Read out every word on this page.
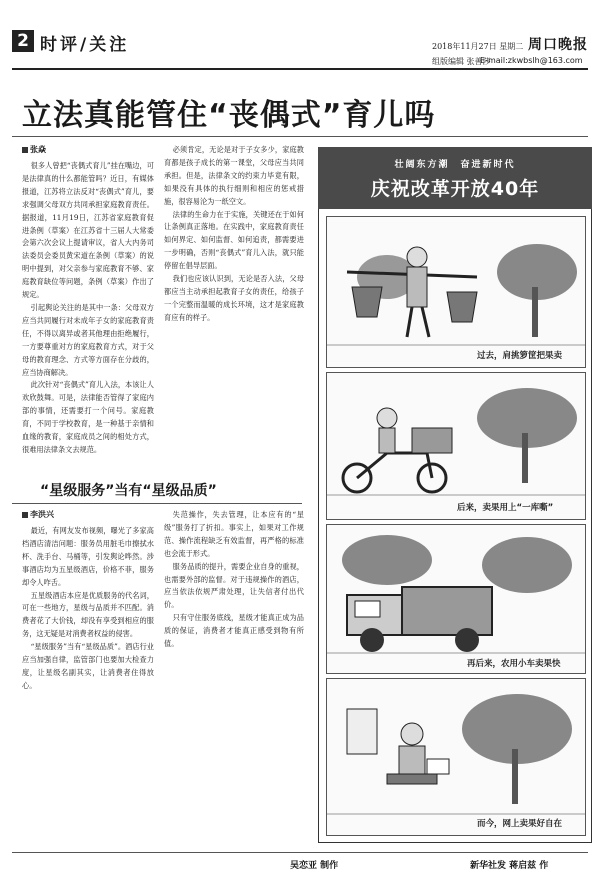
2 时评/关注	2018年11月27日 星期二 周口晚报
组版编辑 张善莎
E-mail:zkwbslh@163.com
立法真能管住“丧偶式”育儿吗
张焱

很多人曾把“丧偶式育儿”挂在嘴边，可是法律真的什么都能管吗？近日，有媒体报道，江苏将立法反对“丧偶式”育儿，要求强调父母双方共同承担家庭教育责任。据报道，11月19日，江苏省家庭教育促进条例（草案）在江苏省十三届人大常委会第六次会议上提请审议，省人大内务司法委员会委员黄宋道在条例（草案）的说明中提到，对父亲参与家庭教育不够、家庭教育缺位等问题，条例（草案）作出了规定。

引起舆论关注的是其中一条：父母双方应当共同履行对未成年子女的家庭教育责任，不得以离异或者其他理由拒绝履行，一方要尊重对方的家庭教育方式，对于父母的教育理念、方式等方面存在分歧的，应当协商解决。

此次针对“丧偶式”育儿入法，本该让人欢欣鼓舞。可是，法律能否管得了家庭内部的事情，还需要打一个问号。家庭教育，不同于学校教育，是一种基于亲情和血缘的教育，家庭成员之间的相处方式，很难用法律条文去规范。

必须肯定，无论是对于子女多少，家庭教育都是孩子成长的第一课堂，父母应当共同承担。但是，法律条文的约束力毕竟有限，如果没有具体的执行细则和相应的惩戒措施，很容易沦为一纸空文。

法律的生命力在于实施，关键还在于如何让条例真正落地。在实践中，家庭教育责任如何界定、如何监督、如何追责，都需要进一步明确，否则“丧偶式”育儿入法，就只能停留在倡导层面。

我们也应该认识到，无论是否入法，父母都应当主动承担起教育子女的责任，给孩子一个完整而温暖的成长环境，这才是家庭教育应有的样子。

“星级服务”当有“星级品质”
李洪兴

最近，有网友发布视频，曝光了多家高档酒店清洁问题：服务员用脏毛巾擦拭水杯、洗手台、马桶等，引发舆论哗然。涉事酒店均为五星级酒店，价格不菲，服务却令人咋舌。

五星级酒店本应是优质服务的代名词，可在一些地方，星级与品质并不匹配。消费者花了大价钱，却没有享受到相应的服务，这无疑是对消费者权益的侵害。

“星级服务”当有“星级品质”。酒店行业应当加强自律，监管部门也要加大检查力度，让星级名副其实，让消费者住得放心。

失范操作，失去管理，让本应有的“星级”服务打了折扣。事实上，如果对工作规范、操作流程缺乏有效监督，再严格的标准也会流于形式。

服务品质的提升，需要企业自身的重视，也需要外部的监督。对于违规操作的酒店，应当依法依规严肃处理，让失信者付出代价。

只有守住服务底线，星级才能真正成为品质的保证，消费者才能真正感受到物有所值。

壮阔东方潮　奋进新时代
庆祝改革开放40年
过去，肩挑箩筐把果卖
后来，卖果用上“一库嘶”
再后来，农用小车卖果快
而今，网上卖果好自在
吴恋亚 制作	新华社发 蒋启兹 作
